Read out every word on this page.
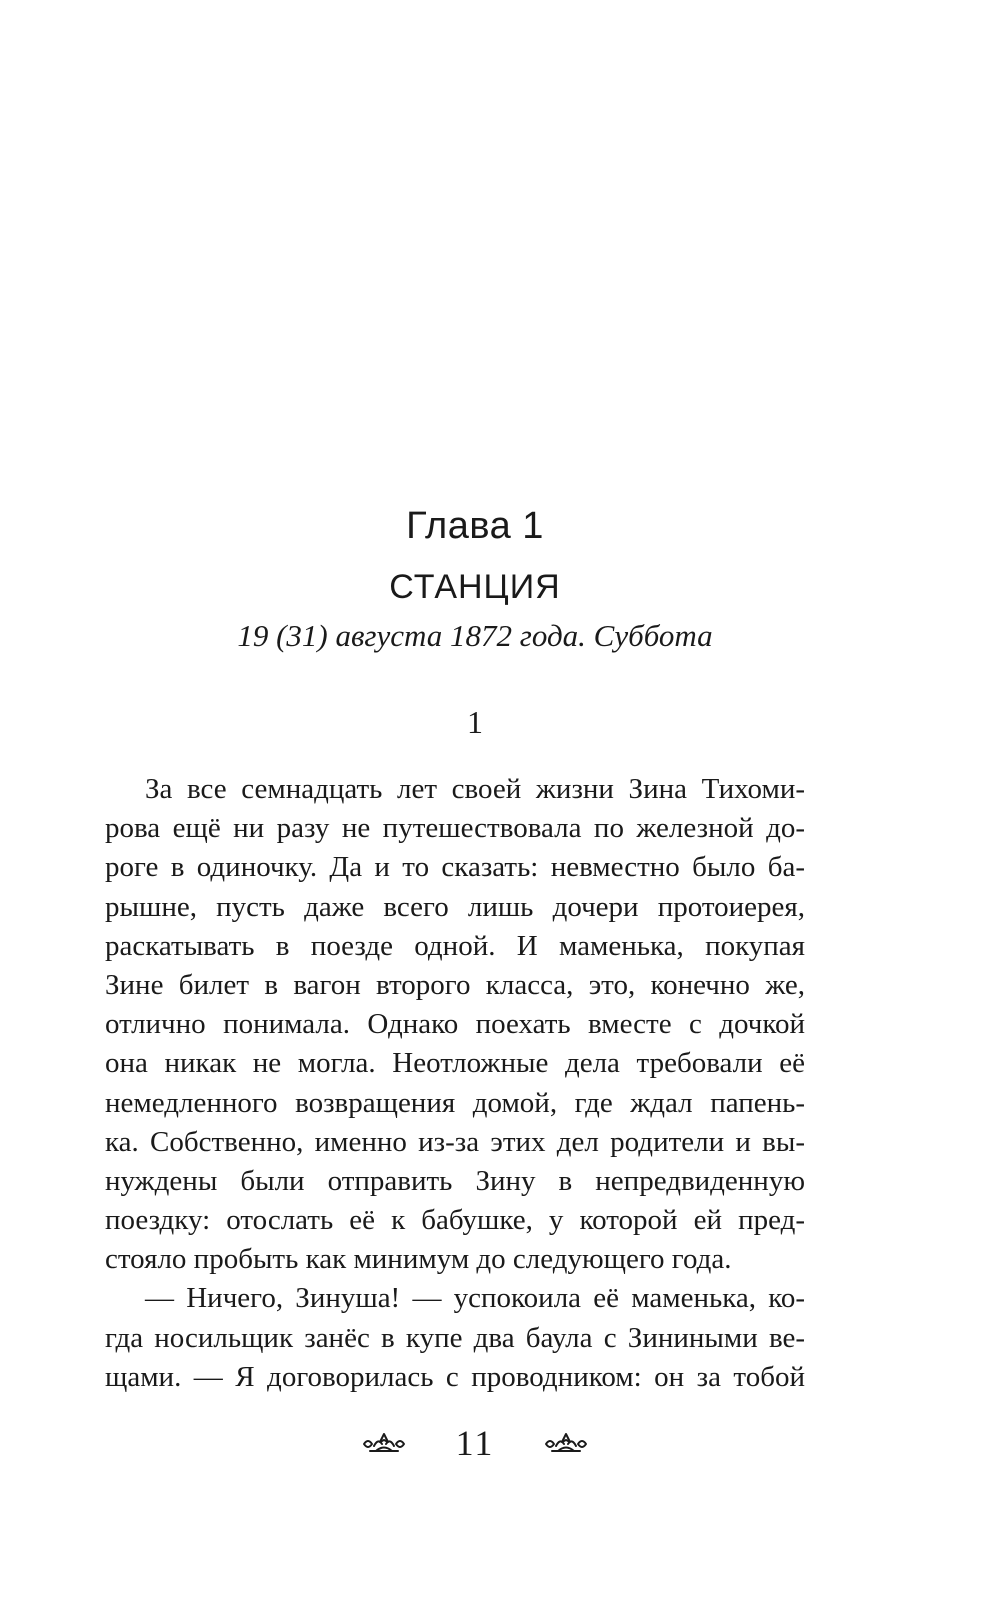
Глава 1
СТАНЦИЯ
19 (31) августа 1872 года. Суббота
1
За все семнадцать лет своей жизни Зина Тихоми-
рова ещё ни разу не путешествовала по железной до-
роге в одиночку. Да и то сказать: невместно было ба-
рышне, пусть даже всего лишь дочери протоиерея,
раскатывать в поезде одной. И маменька, покупая
Зине билет в вагон второго класса, это, конечно же,
отлично понимала. Однако поехать вместе с дочкой
она никак не могла. Неотложные дела требовали её
немедленного возвращения домой, где ждал папень-
ка. Собственно, именно из-за этих дел родители и вы-
нуждены были отправить Зину в непредвиденную
поездку: отослать её к бабушке, у которой ей пред-
стояло пробыть как минимум до следующего года.
— Ничего, Зинуша! — успокоила её маменька, ко-
гда носильщик занёс в купе два баула с Зиниными ве-
щами. — Я договорилась с проводником: он за тобой
11
